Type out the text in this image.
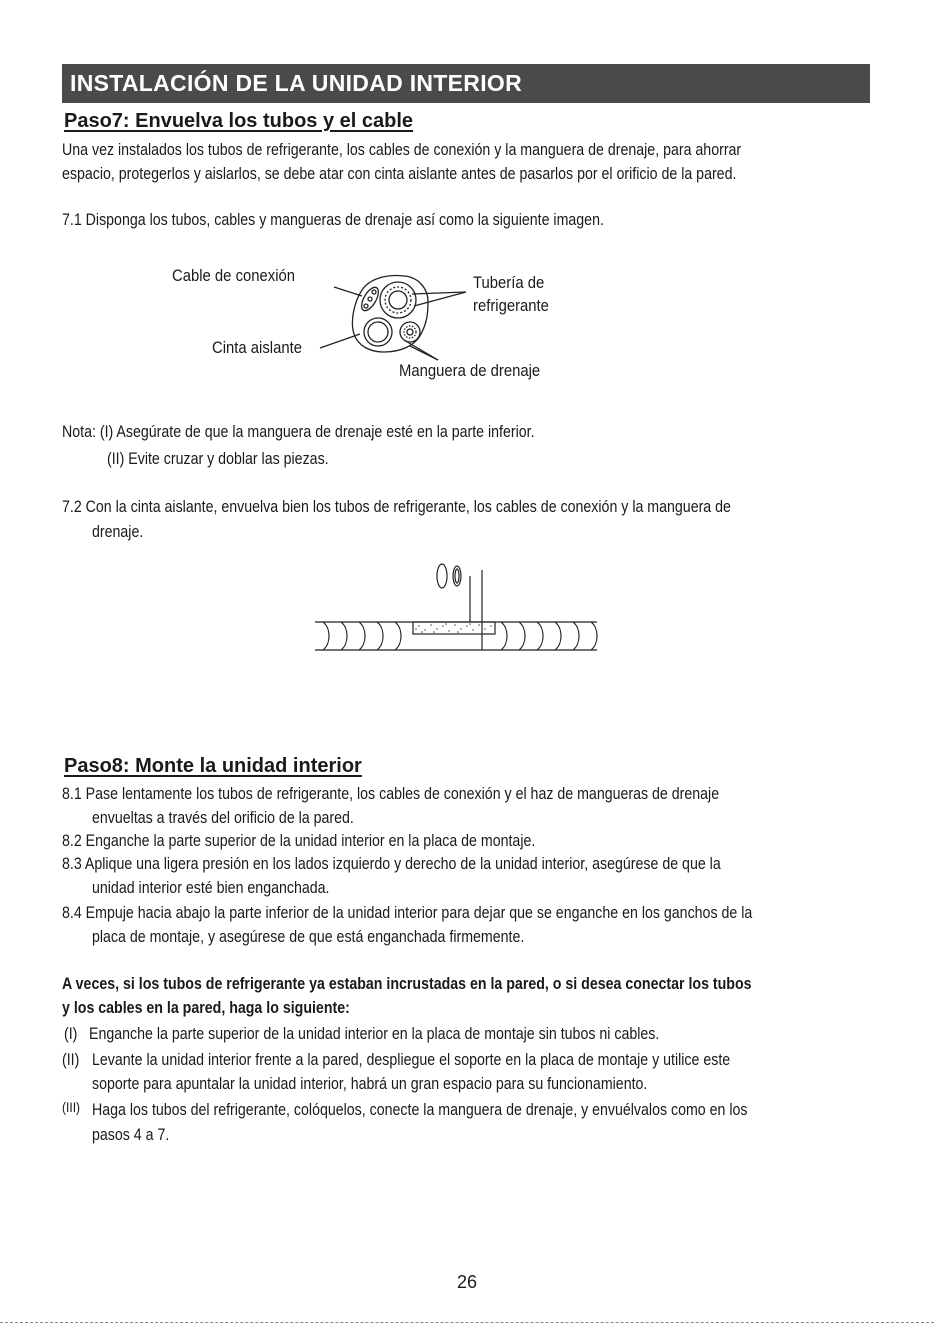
INSTALACIÓN DE LA UNIDAD INTERIOR
Paso7: Envuelva los tubos y el cable
Una vez instalados los tubos de refrigerante, los cables de conexión y la manguera de drenaje, para ahorrar
espacio, protegerlos y aislarlos, se debe atar con cinta aislante antes de pasarlos por el orificio de la pared.
7.1 Disponga los tubos, cables y mangueras de drenaje así como la siguiente imagen.
Cable de conexión	Tubería de
refrigerante
Cinta aislante
Manguera de drenaje
Nota: (I) Asegúrate de que la manguera de drenaje esté en la parte inferior.
(II) Evite cruzar y doblar las piezas.
7.2 Con la cinta aislante, envuelva bien los tubos de refrigerante, los cables de conexión y la manguera de
drenaje.
Paso8: Monte la unidad interior
8.1 Pase lentamente los tubos de refrigerante, los cables de conexión y el haz de mangueras de drenaje
envueltas a través del orificio de la pared.
8.2 Enganche la parte superior de la unidad interior en la placa de montaje.
8.3 Aplique una ligera presión en los lados izquierdo y derecho de la unidad interior, asegúrese de que la
unidad interior esté bien enganchada.
8.4 Empuje hacia abajo la parte inferior de la unidad interior para dejar que se enganche en los ganchos de la
placa de montaje, y asegúrese de que está enganchada firmemente.
A veces, si los tubos de refrigerante ya estaban incrustadas en la pared, o si desea conectar los tubos
y los cables en la pared, haga lo siguiente:
(I) Enganche la parte superior de la unidad interior en la placa de montaje sin tubos ni cables.
(II) Levante la unidad interior frente a la pared, despliegue el soporte en la placa de montaje y utilice este
soporte para apuntalar la unidad interior, habrá un gran espacio para su funcionamiento.
(III) Haga los tubos del refrigerante, colóquelos, conecte la manguera de drenaje, y envuélvalos como en los
pasos 4 a 7.
26
